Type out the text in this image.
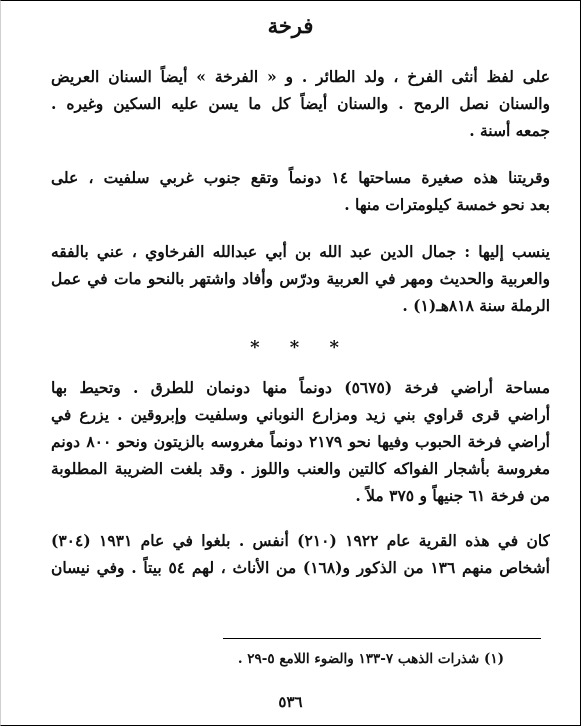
فرخة

على لفظ أنثى الفرخ ، ولد الطائر . و « الفرخة » أيضاً السنان العريض
والسنان نصل الرمح . والسنان أيضاً كل ما يسن عليه السكين وغيره .
جمعه أسنة .

وقريتنا هذه صغيرة مساحتها ١٤ دونماً وتقع جنوب غربي سلفيت ، على
بعد نحو خمسة كيلومترات منها .

ينسب إليها : جمال الدين عبد الله بن أبي عبدالله الفرخاوي ، عني بالفقه
والعربية والحديث ومهر في العربية ودرّس وأفاد واشتهر بالنحو مات في عمل
الرملة سنة ٨١٨هـ(١) .

* * *

مساحة أراضي فرخة (٥٦٧٥) دونماً منها دونمان للطرق . وتحيط بها
أراضي قرى قراوي بني زيد ومزارع النوباني وسلفيت وإبروقين . يزرع في
أراضي فرخة الحبوب وفيها نحو ٢١٧٩ دونماً مغروسه بالزيتون ونحو ٨٠٠ دونم
مغروسة بأشجار الفواكه كالتين والعنب واللوز . وقد بلغت الضريبة المطلوبة
من فرخة ٦١ جنيهاً و ٣٧٥ ملاً .

كان في هذه القرية عام ١٩٢٢ (٢١٠) أنفس . بلغوا في عام ١٩٣١ (٣٠٤)
أشخاص منهم ١٣٦ من الذكور و(١٦٨) من الأناث ، لهم ٥٤ بيتاً . وفي نيسان

(١) شذرات الذهب ٧-١٣٣ والضوء اللامع ٥-٢٩ .
٥٣٦
